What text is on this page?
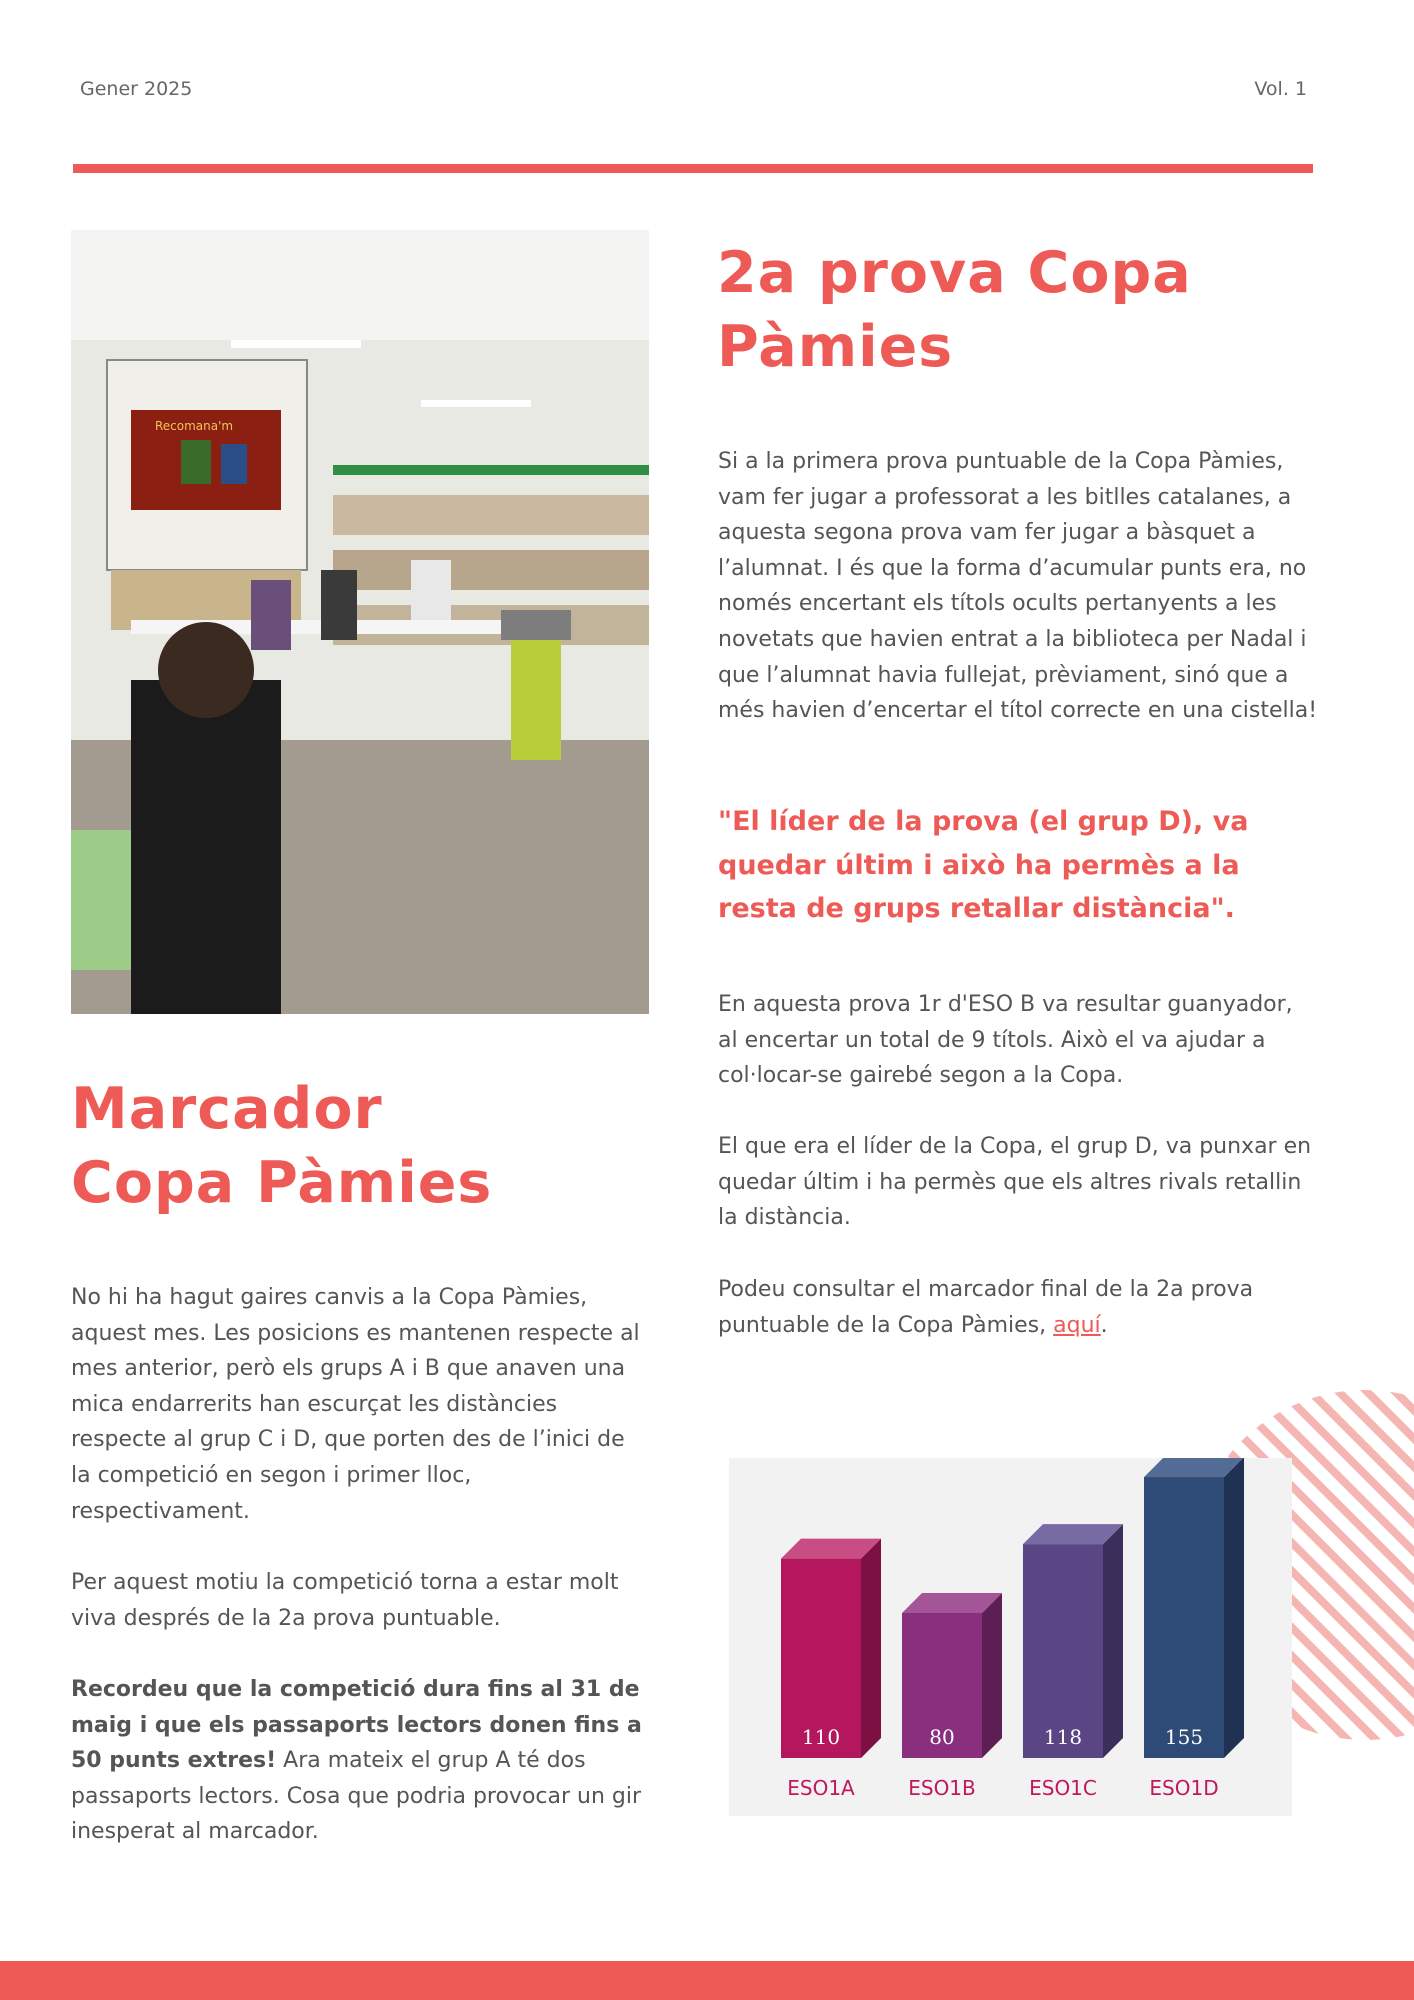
Gener 2025	Vol. 1
Recomana'm
2a prova Copa
Pàmies

Si a la primera prova puntuable de la Copa Pàmies, vam fer jugar a professorat a les bitlles catalanes, a aquesta segona prova vam fer jugar a bàsquet a l’alumnat. I és que la forma d’acumular punts era, no només encertant els títols ocults pertanyents a les novetats que havien entrat a la biblioteca per Nadal i que l’alumnat havia fullejat, prèviament, sinó que a més havien d’encertar el títol correcte en una cistella!

"El líder de la prova (el grup D), va quedar últim i això ha permès a la resta de grups retallar distància".

En aquesta prova 1r d'ESO B va resultar guanyador, al encertar un total de 9 títols. Això el va ajudar a col·locar-se gairebé segon a la Copa.

El que era el líder de la Copa, el grup D, va punxar en quedar últim i ha permès que els altres rivals retallin la distància.

Podeu consultar el marcador final de la 2a prova puntuable de la Copa Pàmies, aquí.

Marcador
Copa Pàmies

No hi ha hagut gaires canvis a la Copa Pàmies, aquest mes. Les posicions es mantenen respecte al mes anterior, però els grups A i B que anaven una mica endarrerits han escurçat les distàncies respecte al grup C i D, que porten des de l’inici de la competició en segon i primer lloc, respectivament.

Per aquest motiu la competició torna a estar molt viva després de la 2a prova puntuable.

Recordeu que la competició dura fins al 31 de maig i que els passaports lectors donen fins a 50 punts extres! Ara mateix el grup A té dos passaports lectors. Cosa que podria provocar un gir inesperat al marcador.

110
ESO1A
80
ESO1B
118
ESO1C
155
ESO1D
